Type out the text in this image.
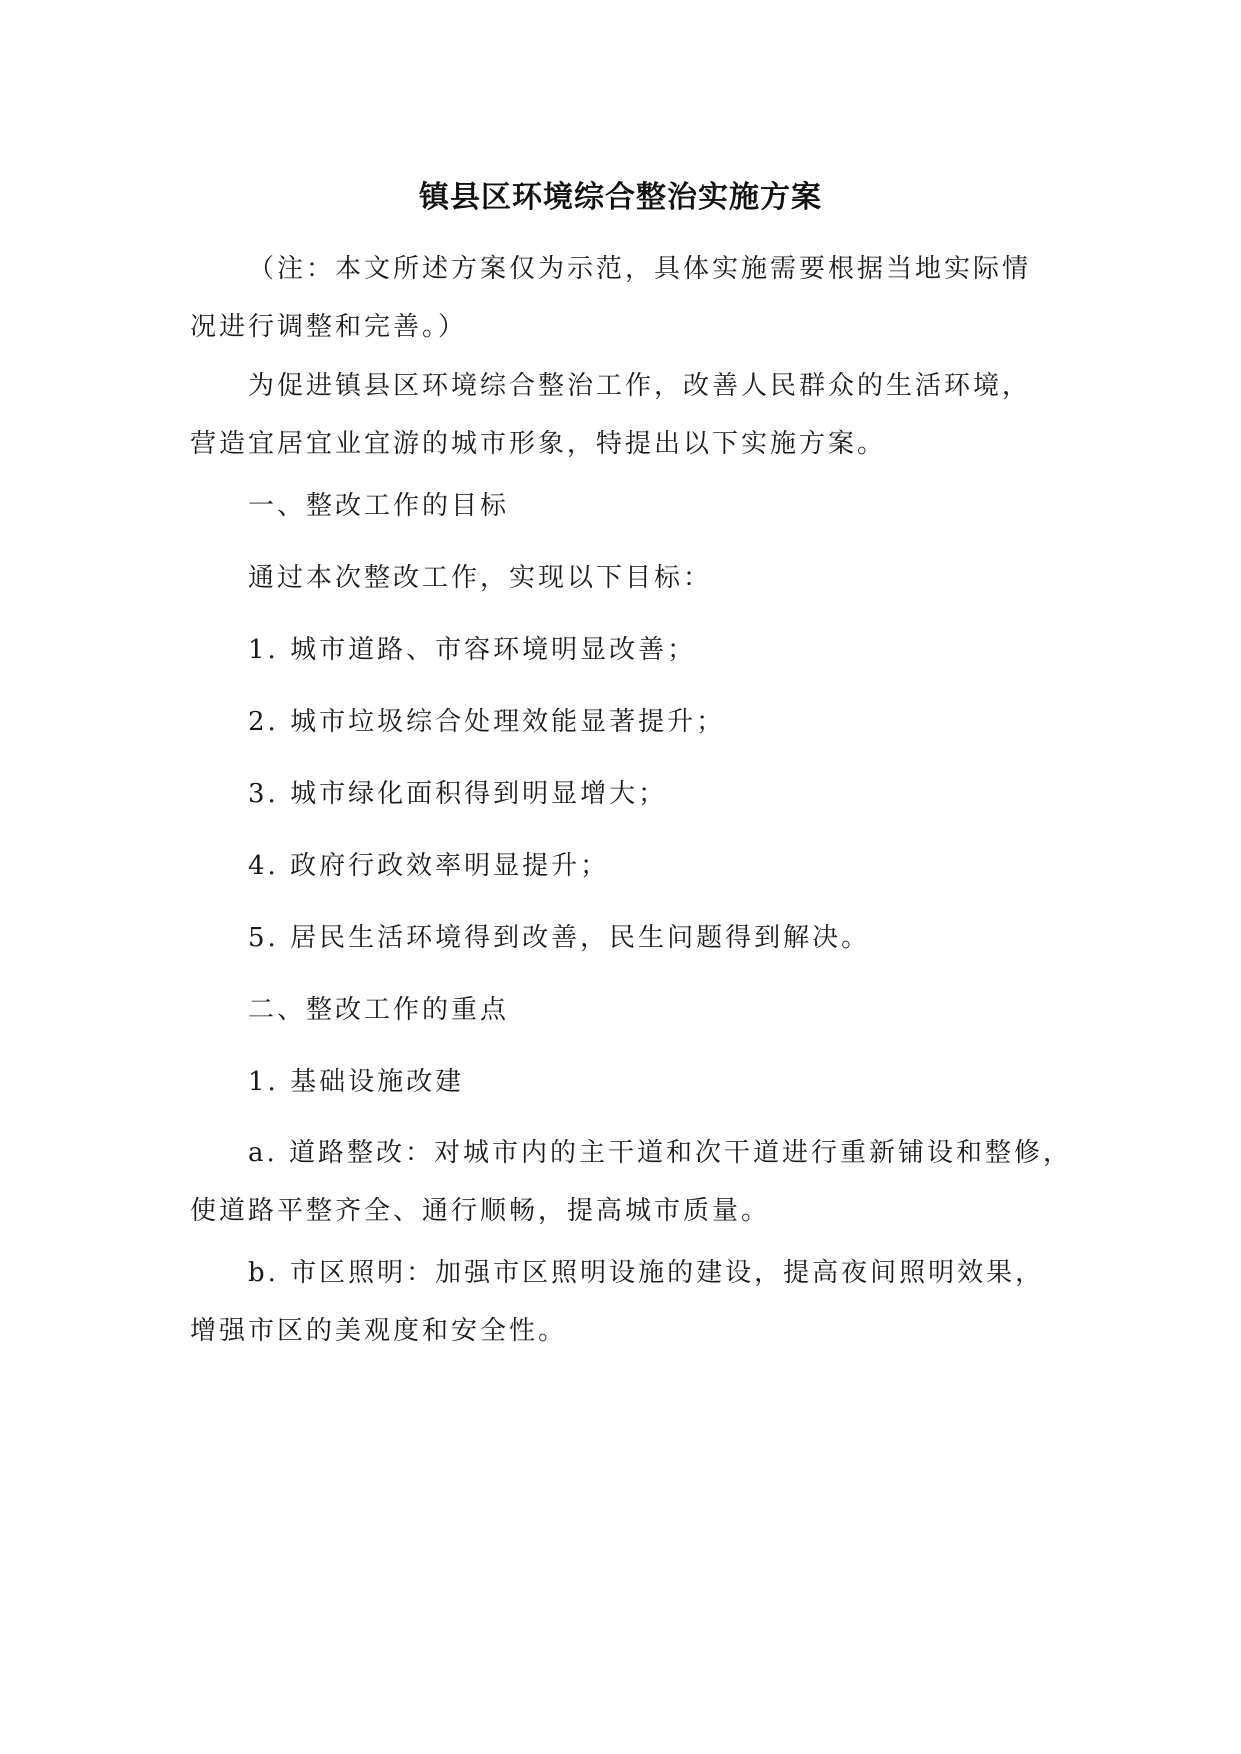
镇县区环境综合整治实施方案

（注：本文所述方案仅为示范，具体实施需要根据当地实际情
况进行调整和完善。）

为促进镇县区环境综合整治工作，改善人民群众的生活环境，
营造宜居宜业宜游的城市形象，特提出以下实施方案。

一、整改工作的目标

通过本次整改工作，实现以下目标：

1. 城市道路、市容环境明显改善；

2. 城市垃圾综合处理效能显著提升；

3. 城市绿化面积得到明显增大；

4. 政府行政效率明显提升；

5. 居民生活环境得到改善，民生问题得到解决。

二、整改工作的重点

1. 基础设施改建

a. 道路整改：对城市内的主干道和次干道进行重新铺设和整修，
使道路平整齐全、通行顺畅，提高城市质量。

b. 市区照明：加强市区照明设施的建设，提高夜间照明效果，
增强市区的美观度和安全性。
